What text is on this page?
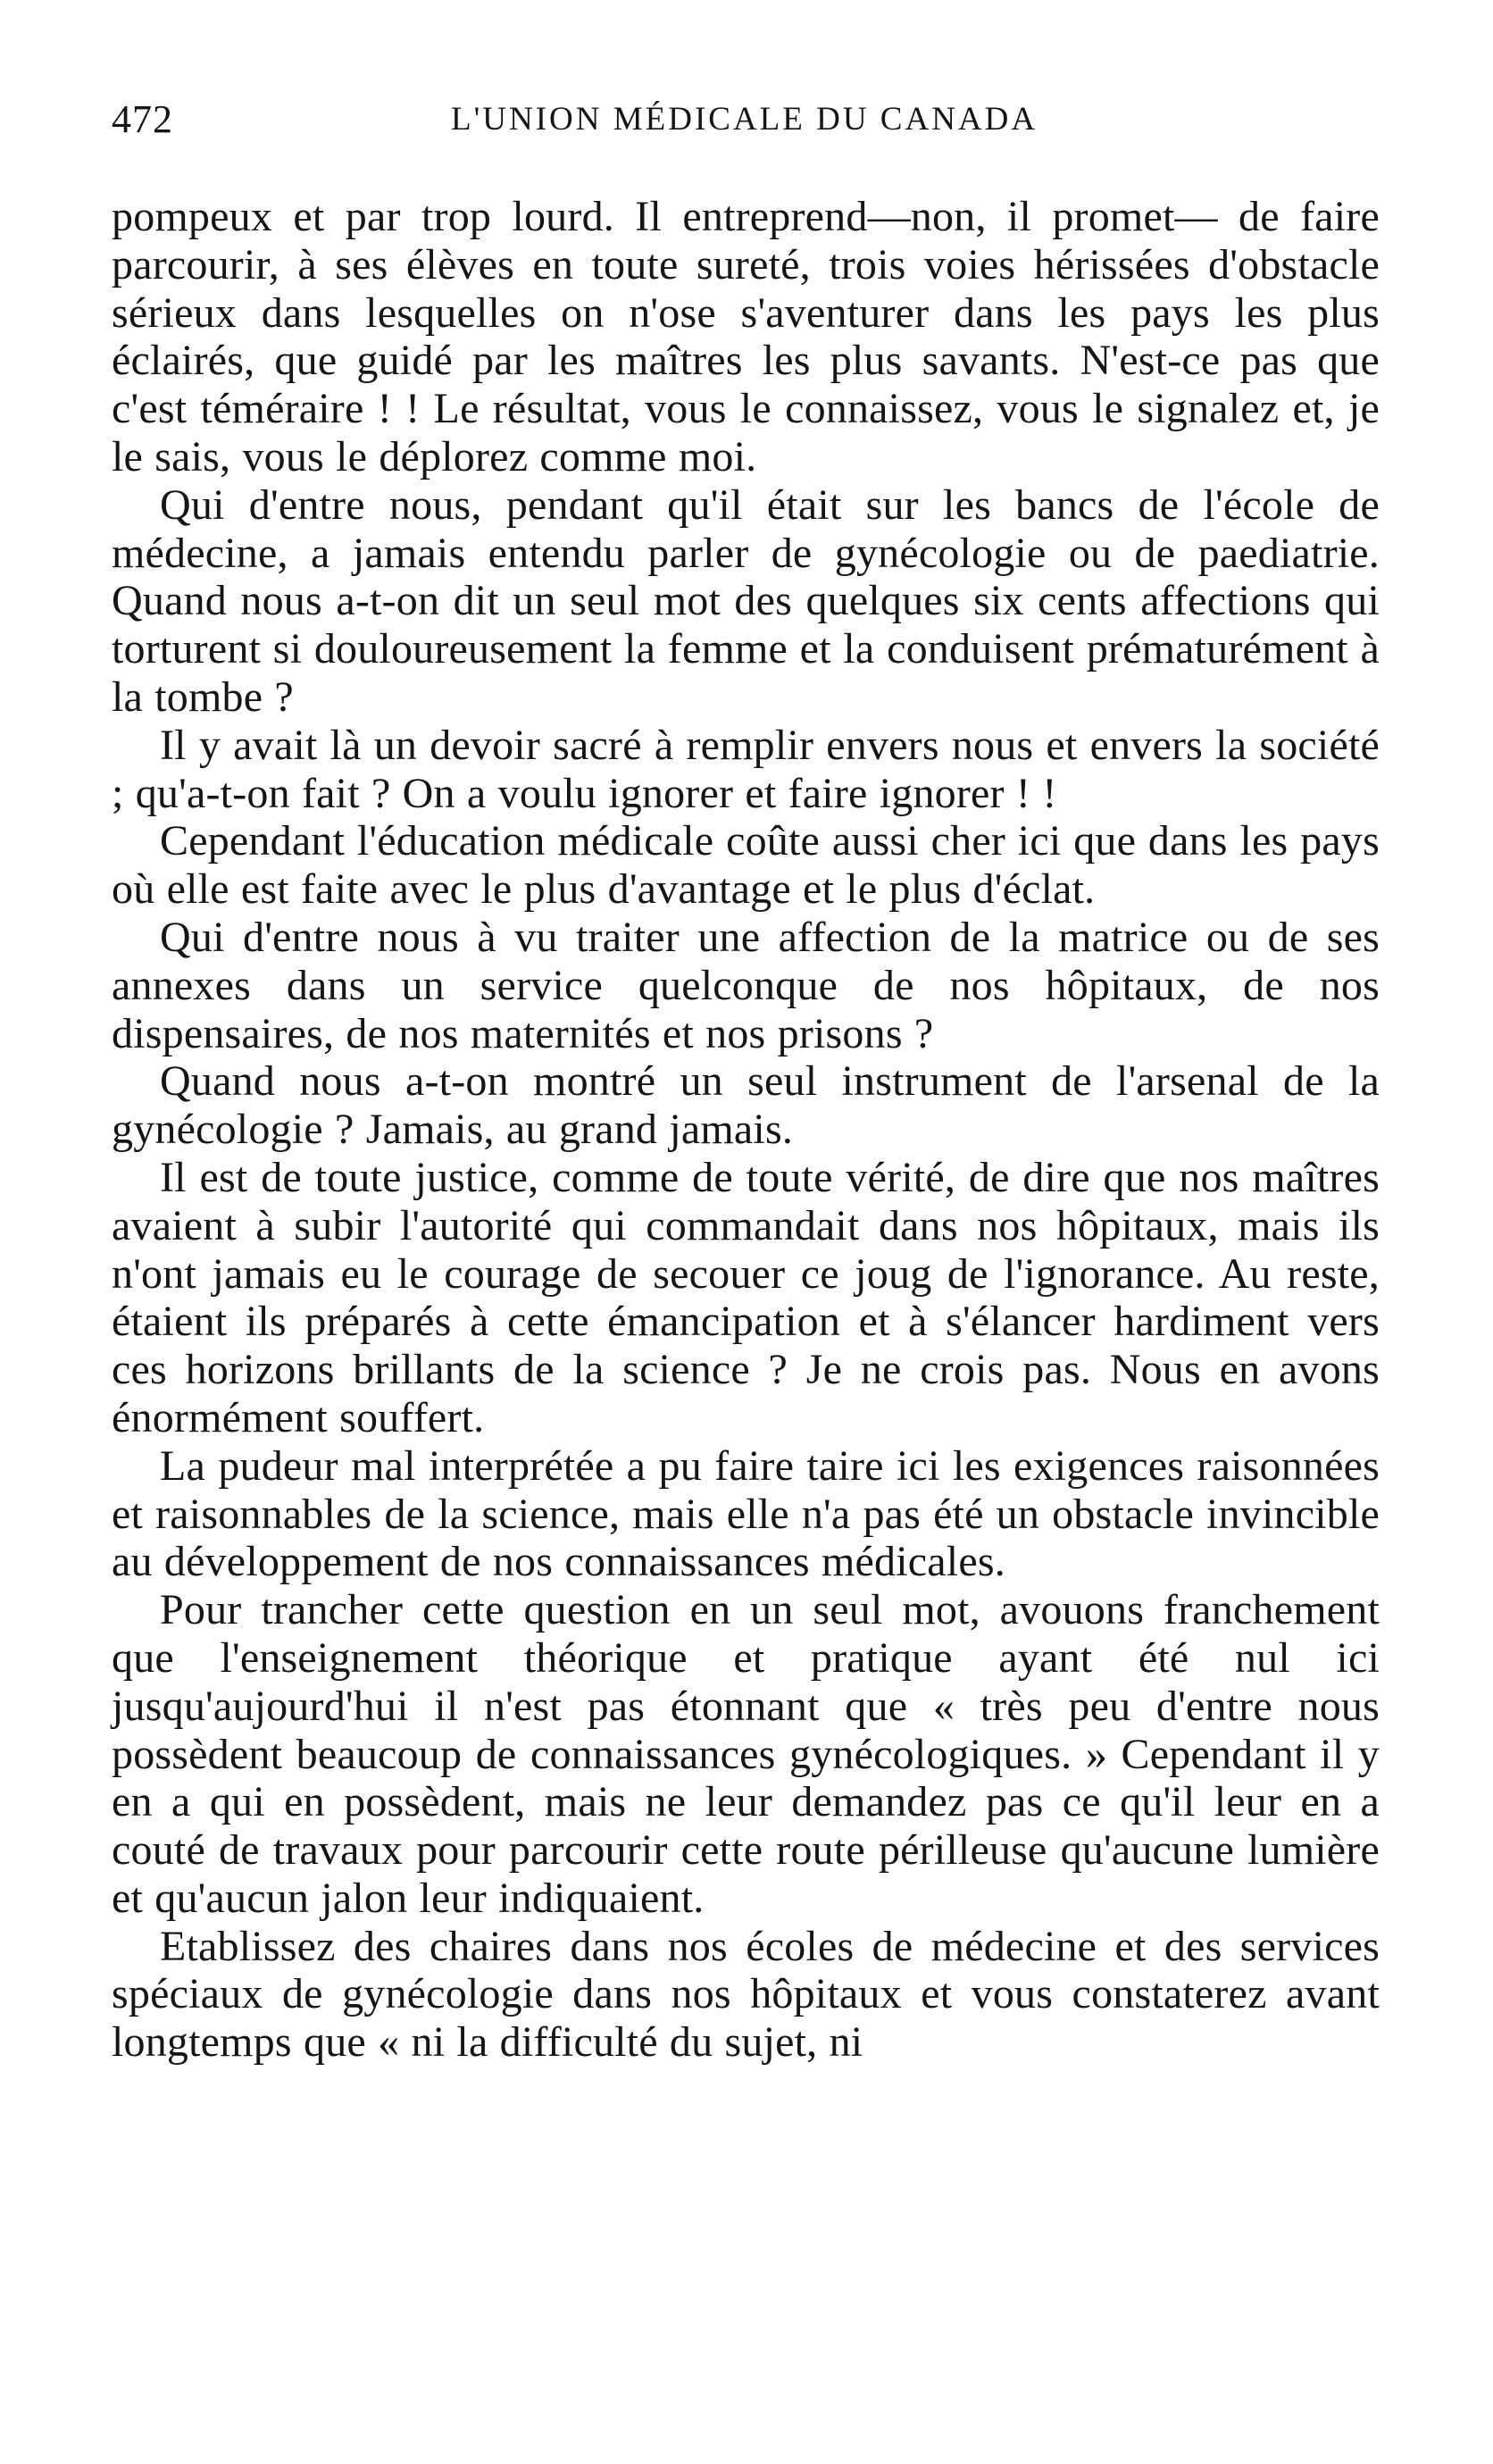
472	L'UNION MÉDICALE DU CANADA

pompeux et par trop lourd. Il entreprend—non, il promet— de faire parcourir, à ses élèves en toute sureté, trois voies hérissées d'obstacle sérieux dans lesquelles on n'ose s'aventurer dans les pays les plus éclairés, que guidé par les maîtres les plus savants. N'est-ce pas que c'est téméraire ! ! Le résultat, vous le connaissez, vous le signalez et, je le sais, vous le déplorez comme moi.

Qui d'entre nous, pendant qu'il était sur les bancs de l'école de médecine, a jamais entendu parler de gynécologie ou de paediatrie. Quand nous a-t-on dit un seul mot des quelques six cents affections qui torturent si douloureusement la femme et la conduisent prématurément à la tombe ?

Il y avait là un devoir sacré à remplir envers nous et envers la société ; qu'a-t-on fait ? On a voulu ignorer et faire ignorer ! !

Cependant l'éducation médicale coûte aussi cher ici que dans les pays où elle est faite avec le plus d'avantage et le plus d'éclat.

Qui d'entre nous à vu traiter une affection de la matrice ou de ses annexes dans un service quelconque de nos hôpitaux, de nos dispensaires, de nos maternités et nos prisons ?

Quand nous a-t-on montré un seul instrument de l'arsenal de la gynécologie ? Jamais, au grand jamais.

Il est de toute justice, comme de toute vérité, de dire que nos maîtres avaient à subir l'autorité qui commandait dans nos hôpitaux, mais ils n'ont jamais eu le courage de secouer ce joug de l'ignorance. Au reste, étaient ils préparés à cette émancipation et à s'élancer hardiment vers ces horizons brillants de la science ? Je ne crois pas. Nous en avons énormément souffert.

La pudeur mal interprétée a pu faire taire ici les exigences raisonnées et raisonnables de la science, mais elle n'a pas été un obstacle invincible au développement de nos connaissances médicales.

Pour trancher cette question en un seul mot, avouons franchement que l'enseignement théorique et pratique ayant été nul ici jusqu'aujourd'hui il n'est pas étonnant que « très peu d'entre nous possèdent beaucoup de connaissances gynécologiques. » Cependant il y en a qui en possèdent, mais ne leur demandez pas ce qu'il leur en a couté de travaux pour parcourir cette route périlleuse qu'aucune lumière et qu'aucun jalon leur indiquaient.

Etablissez des chaires dans nos écoles de médecine et des services spéciaux de gynécologie dans nos hôpitaux et vous constaterez avant longtemps que « ni la difficulté du sujet, ni
